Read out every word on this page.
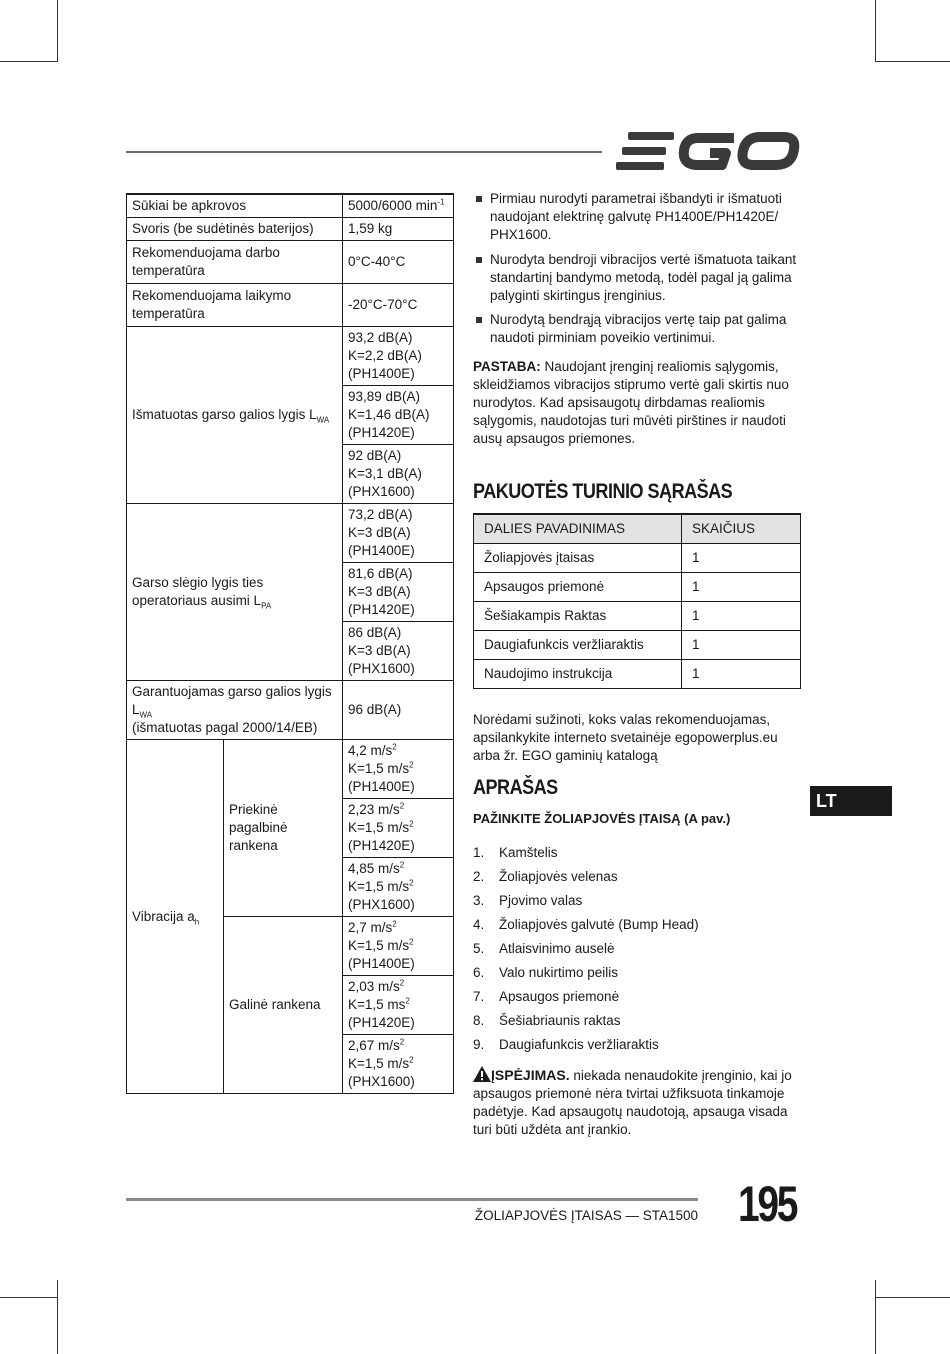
Sūkiai be apkrovos		5000/6000 $\min^{-1}$
Svoris (be sudėtinės baterijos)		1,59 kg
Rekomenduojama darbo temperatūra		0°C-40°C
Rekomenduojama laikymo temperatūra		-20°C-70°C
Išmatuotas garso galios lygis $L_{WA}$		93,2 dB(A)
K=2,2 dB(A)
(PH1400E)
		93,89 dB(A)
K=1,46 dB(A)
(PH1420E)
		92 dB(A)
K=3,1 dB(A)
(PHX1600)
Garso slėgio lygis ties operatoriaus ausimi $L_{PA}$		73,2 dB(A)
K=3 dB(A)
(PH1400E)
		81,6 dB(A)
K=3 dB(A)
(PH1420E)
		86 dB(A)
K=3 dB(A)
(PHX1600)
Garantuojamas garso galios lygis $L_{WA}$
(išmatuotas pagal 2000/14/EB)		96 dB(A)
Vibracija $a_h$	Priekinė pagalbinė rankena	4,2 $m/s^2$
K=1,5 $m/s^2$
(PH1400E)
		2,23 $m/s^2$
K=1,5 $m/s^2$
(PH1420E)
		4,85 $m/s^2$
K=1,5 $m/s^2$
(PHX1600)
	Galinė rankena	2,7 $m/s^2$
K=1,5 $m/s^2$
(PH1400E)
		2,03 $m/s^2$
K=1,5 $ms^2$
(PH1420E)
		2,67 $m/s^2$
K=1,5 $m/s^2$
(PHX1600)
Pirmiau nurodyti parametrai išbandyti ir išmatuoti naudojant elektrinę galvutę PH1400E/PH1420E/ PHX1600.
Nurodyta bendroji vibracijos vertė išmatuota taikant standartinį bandymo metodą, todėl pagal ją galima palyginti skirtingus įrenginius.
Nurodytą bendrąją vibracijos vertę taip pat galima naudoti pirminiam poveikio vertinimui.

PASTABA: Naudojant įrenginį realiomis sąlygomis, skleidžiamos vibracijos stiprumo vertė gali skirtis nuo nurodytos. Kad apsisaugotų dirbdamas realiomis sąlygomis, naudotojas turi mūvėti pirštines ir naudoti ausų apsaugos priemones.

PAKUOTĖS TURINIO SĄRAŠAS
DALIES PAVADINIMAS	SKAIČIUS
Žoliapjovės įtaisas	1
Apsaugos priemonė	1
Šešiakampis Raktas	1
Daugiafunkcis veržliaraktis	1
Naudojimo instrukcija	1

Norėdami sužinoti, koks valas rekomenduojamas, apsilankykite interneto svetainėje egopowerplus.eu arba žr. EGO gaminių katalogą

APRAŠAS
PAŽINKITE ŽOLIAPJOVĖS ĮTAISĄ (A pav.)
1. Kamštelis
2. Žoliapjovės velenas
3. Pjovimo valas
4. Žoliapjovės galvutė (Bump Head)
5. Atlaisvinimo auselė
6. Valo nukirtimo peilis
7. Apsaugos priemonė
8. Šešiabriaunis raktas
9. Daugiafunkcis veržliaraktis

ĮSPĖJIMAS. niekada nenaudokite įrenginio, kai jo apsaugos priemonė nėra tvirtai užfiksuota tinkamoje padėtyje. Kad apsaugotų naudotoją, apsauga visada turi būti uždėta ant įrankio.

LT
ŽOLIAPJOVĖS ĮTAISAS — STA1500 195
